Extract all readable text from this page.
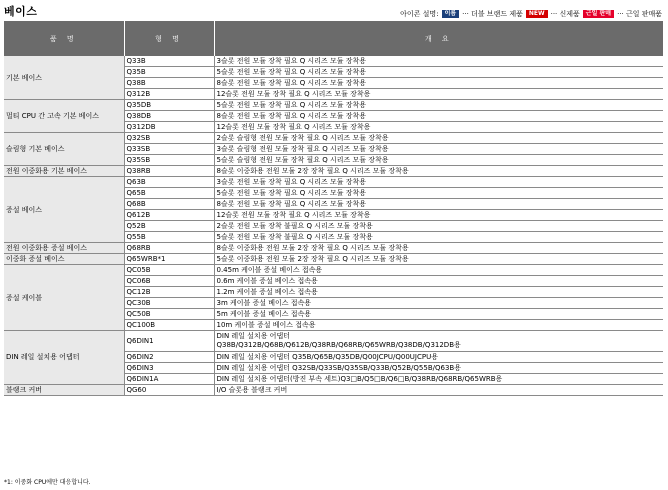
베이스	아이콘 설명:	이름 ··· 더블 브랜드 제품	NEW ··· 신제품	근일 판매 ··· 근일 판매품
품 명	형 명	개 요
기본 베이스	Q33B	3슬롯 전원 모듈 장착 필요 Q 시리즈 모듈 장착용

	Q35B	5슬롯 전원 모듈 장착 필요 Q 시리즈 모듈 장착용

	Q38B	8슬롯 전원 모듈 장착 필요 Q 시리즈 모듈 장착용

	Q312B	12슬롯 전원 모듈 장착 필요 Q 시리즈 모듈 장착용

멀티 CPU 간 고속 기본 베이스	Q35DB	5슬롯 전원 모듈 장착 필요 Q 시리즈 모듈 장착용

	Q38DB	8슬롯 전원 모듈 장착 필요 Q 시리즈 모듈 장착용

	Q312DB	12슬롯 전원 모듈 장착 필요 Q 시리즈 모듈 장착용

슬림형 기본 베이스	Q32SB	2슬롯 슬림형 전원 모듈 장착 필요 Q 시리즈 모듈 장착용

	Q33SB	3슬롯 슬림형 전원 모듈 장착 필요 Q 시리즈 모듈 장착용

	Q35SB	5슬롯 슬림형 전원 모듈 장착 필요 Q 시리즈 모듈 장착용

전원 이중화용 기본 베이스	Q38RB	8슬롯 이중화용 전원 모듈 2장 장착 필요 Q 시리즈 모듈 장착용

증설 베이스	Q63B	3슬롯 전원 모듈 장착 필요 Q 시리즈 모듈 장착용

	Q65B	5슬롯 전원 모듈 장착 필요 Q 시리즈 모듈 장착용

	Q68B	8슬롯 전원 모듈 장착 필요 Q 시리즈 모듈 장착용

	Q612B	12슬롯 전원 모듈 장착 필요 Q 시리즈 모듈 장착용

	Q52B	2슬롯 전원 모듈 장착 불필요 Q 시리즈 모듈 장착용

	Q55B	5슬롯 전원 모듈 장착 불필요 Q 시리즈 모듈 장착용

전원 이중화용 증설 베이스	Q68RB	8슬롯 이중화용 전원 모듈 2장 장착 필요 Q 시리즈 모듈 장착용

이중화 증설 베이스	Q65WRB*1	5슬롯 이중화용 전원 모듈 2장 장착 필요 Q 시리즈 모듈 장착용

증설 케이블	QC05B	0.45m 케이블 증설 베이스 접속용

	QC06B	0.6m 케이블 증설 베이스 접속용

	QC12B	1.2m 케이블 증설 베이스 접속용

	QC30B	3m 케이블 증설 베이스 접속용

	QC50B	5m 케이블 증설 베이스 접속용

	QC100B	10m 케이블 증설 베이스 접속용

DIN 레일 설치용 어댑터	Q6DIN1	DIN 레일 설치용 어댑터
Q38B/Q312B/Q68B/Q612B/Q38RB/Q68RB/Q65WRB/Q38DB/Q312DB용

	Q6DIN2	DIN 레일 설치용 어댑터 Q35B/Q65B/Q35DB/Q00JCPU/Q00UJCPU용

	Q6DIN3	DIN 레일 설치용 어댑터 Q32SB/Q33SB/Q35SB/Q33B/Q52B/Q55B/Q63B용

	Q6DIN1A	DIN 레일 설치용 어댑터(방진 부속 세트)Q3□B/Q5□B/Q6□B/Q38RB/Q68RB/Q65WRB용

블랭크 커버	QG60	I/O 슬롯용 블랭크 커버
*1: 이중화 CPU에만 대응합니다.
